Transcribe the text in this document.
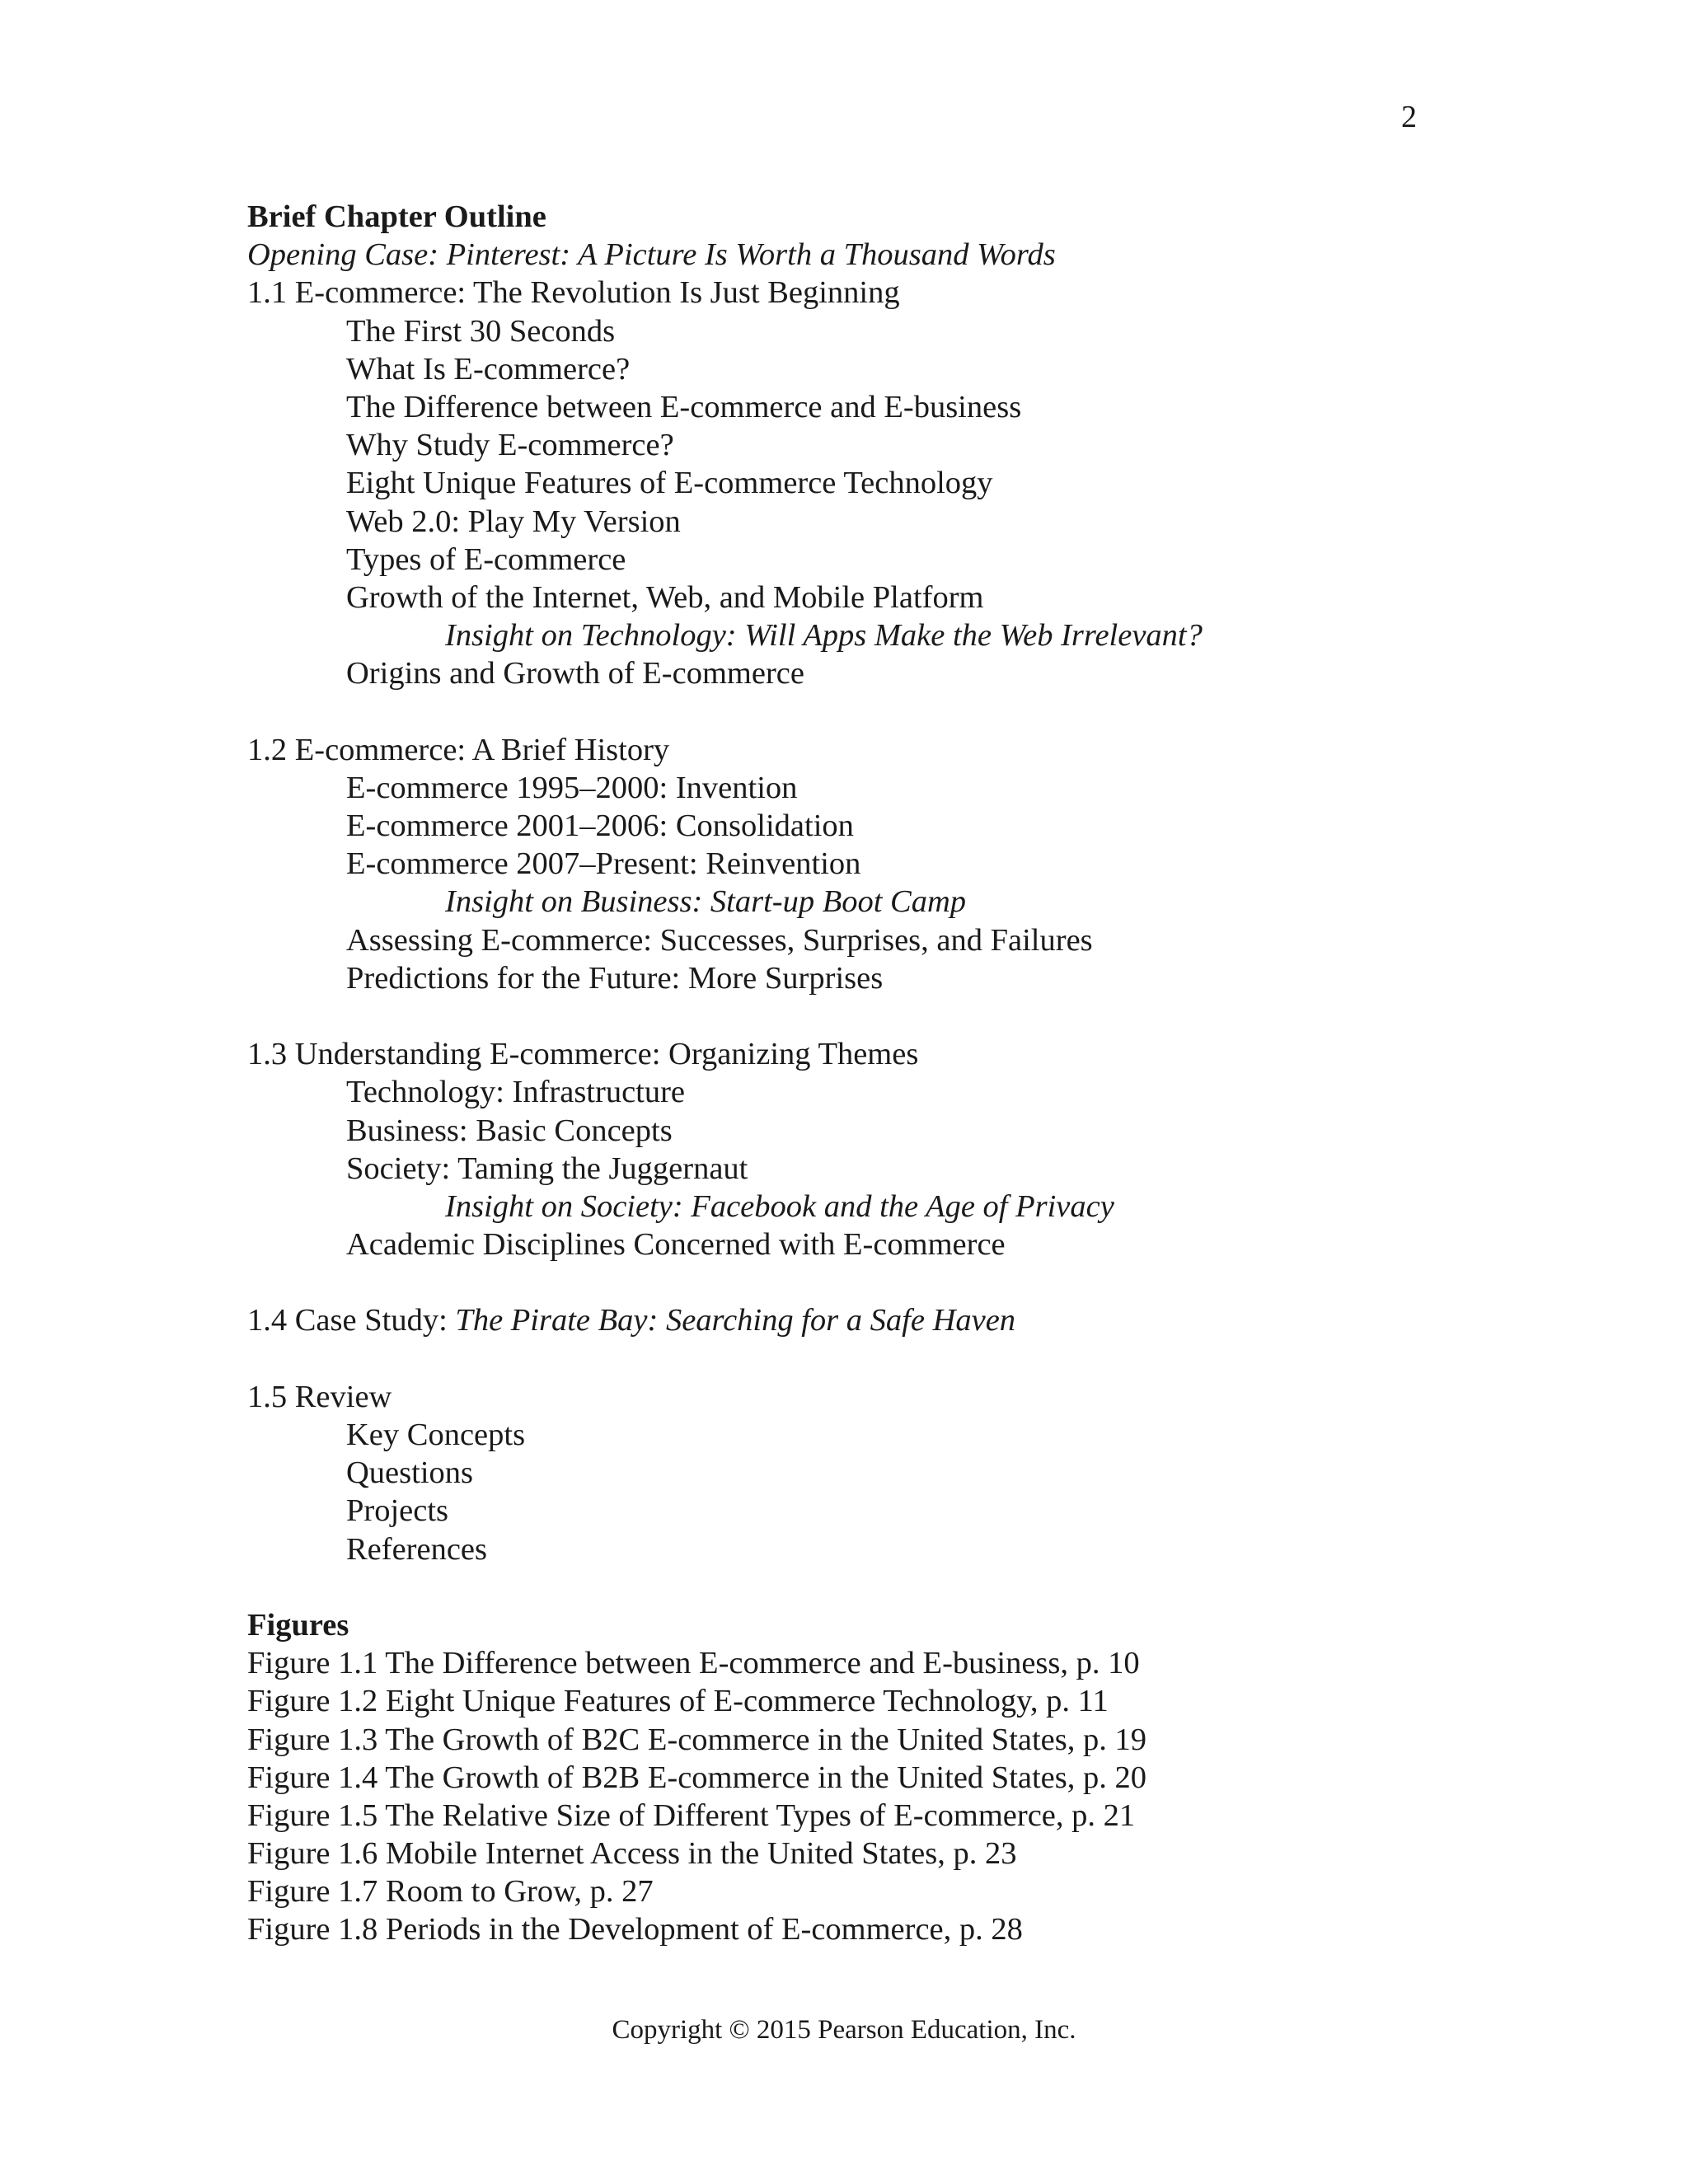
2
Brief Chapter Outline
Opening Case: Pinterest: A Picture Is Worth a Thousand Words
1.1 E-commerce: The Revolution Is Just Beginning
The First 30 Seconds
What Is E-commerce?
The Difference between E-commerce and E-business
Why Study E-commerce?
Eight Unique Features of E-commerce Technology
Web 2.0: Play My Version
Types of E-commerce
Growth of the Internet, Web, and Mobile Platform
Insight on Technology: Will Apps Make the Web Irrelevant?
Origins and Growth of E-commerce
1.2 E-commerce: A Brief History
E-commerce 1995–2000: Invention
E-commerce 2001–2006: Consolidation
E-commerce 2007–Present: Reinvention
Insight on Business: Start-up Boot Camp
Assessing E-commerce: Successes, Surprises, and Failures
Predictions for the Future: More Surprises
1.3 Understanding E-commerce: Organizing Themes
Technology: Infrastructure
Business: Basic Concepts
Society: Taming the Juggernaut
Insight on Society: Facebook and the Age of Privacy
Academic Disciplines Concerned with E-commerce
1.4 Case Study: The Pirate Bay: Searching for a Safe Haven
1.5 Review
Key Concepts
Questions
Projects
References
Figures
Figure 1.1 The Difference between E-commerce and E-business, p. 10
Figure 1.2 Eight Unique Features of E-commerce Technology, p. 11
Figure 1.3 The Growth of B2C E-commerce in the United States, p. 19
Figure 1.4 The Growth of B2B E-commerce in the United States, p. 20
Figure 1.5 The Relative Size of Different Types of E-commerce, p. 21
Figure 1.6 Mobile Internet Access in the United States, p. 23
Figure 1.7 Room to Grow, p. 27
Figure 1.8 Periods in the Development of E-commerce, p. 28
Copyright © 2015 Pearson Education, Inc.
